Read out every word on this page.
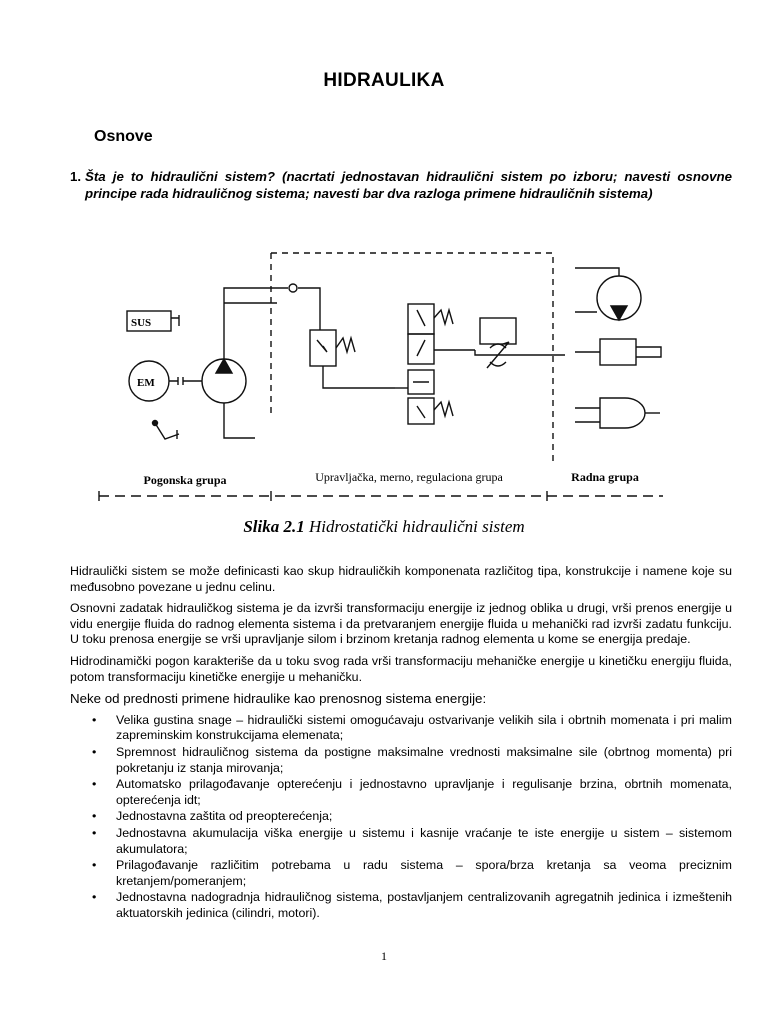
HIDRAULIKA
Osnove
1. Šta je to hidraulični sistem? (nacrtati jednostavan hidraulični sistem po izboru; navesti osnovne principe rada hidrauličnog sistema; navesti bar dva razloga primene hidrauličnih sistema)
SUS
EM
Pogonska grupa	Upravljačka, merno, regulaciona grupa	Radna grupa
Slika 2.1 Hidrostatički hidraulični sistem

Hidraulički sistem se može definicasti kao skup hidrauličkih komponenata različitog tipa, konstrukcije i namene koje su međusobno povezane u jednu celinu.

Osnovni zadatak hidrauličkog sistema je da izvrši transformaciju energije iz jednog oblika u drugi, vrši prenos energije u vidu energije fluida do radnog elementa sistema i da pretvaranjem energije fluida u mehanički rad izvrši zadatu funkciju. U toku prenosa energije se vrši upravljanje silom i brzinom kretanja radnog elementa u kome se energija predaje.

Hidrodinamički pogon karakteriše da u toku svog rada vrši transformaciju mehaničke energije u kinetičku energiju fluida, potom transformaciju kinetičke energije u mehaničku.

Neke od prednosti primene hidraulike kao prenosnog sistema energije:
• Velika gustina snage – hidraulički sistemi omogućavaju ostvarivanje velikih sila i obrtnih momenata i pri malim zapreminskim konstrukcijama elemenata;
• Spremnost hidrauličnog sistema da postigne maksimalne vrednosti maksimalne sile (obrtnog momenta) pri pokretanju iz stanja mirovanja;
• Automatsko prilagođavanje opterećenju i jednostavno upravljanje i regulisanje brzina, obrtnih momenata, opterećenja idt;
• Jednostavna zaštita od preopterećenja;
• Jednostavna akumulacija viška energije u sistemu i kasnije vraćanje te iste energije u sistem – sistemom akumulatora;
• Prilagođavanje različitim potrebama u radu sistema – spora/brza kretanja sa veoma preciznim kretanjem/pomeranjem;
• Jednostavna nadogradnja hidrauličnog sistema, postavljanjem centralizovanih agregatnih jedinica i izmeštenih aktuatorskih jedinica (cilindri, motori).
1
